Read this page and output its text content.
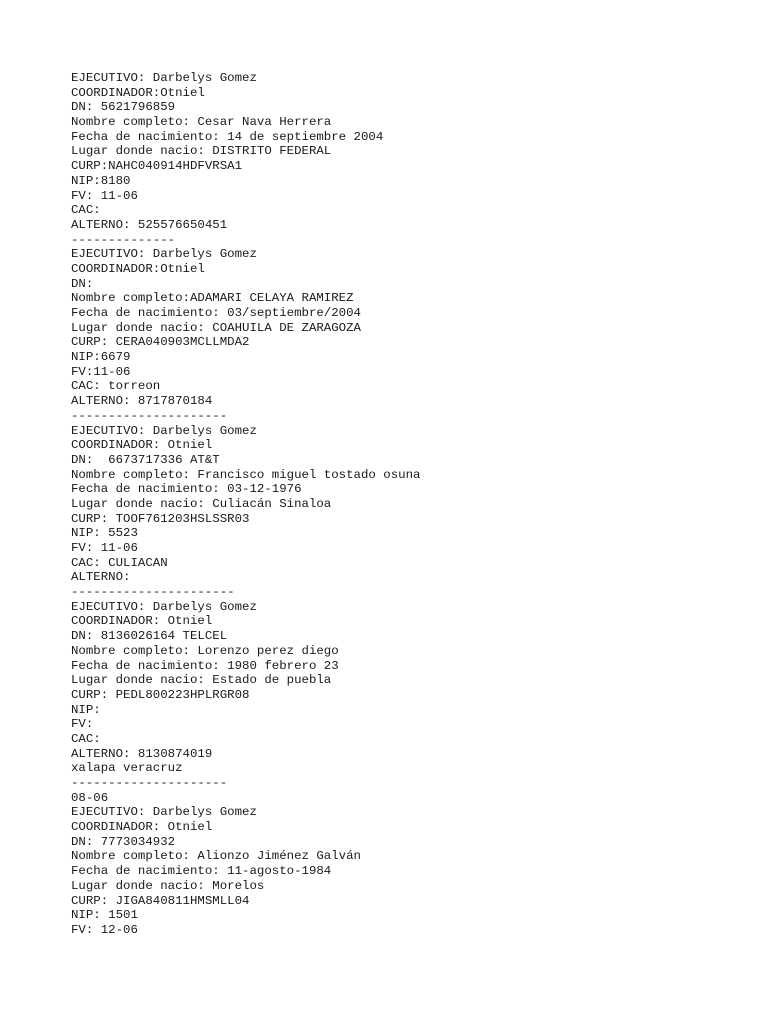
EJECUTIVO: Darbelys Gomez
COORDINADOR:Otniel
DN: 5621796859
Nombre completo: Cesar Nava Herrera
Fecha de nacimiento: 14 de septiembre 2004
Lugar donde nacio: DISTRITO FEDERAL
CURP:NAHC040914HDFVRSA1
NIP:8180
FV: 11-06
CAC:
ALTERNO: 525576650451
--------------
EJECUTIVO: Darbelys Gomez
COORDINADOR:Otniel
DN:
Nombre completo:ADAMARI CELAYA RAMIREZ
Fecha de nacimiento: 03/septiembre/2004
Lugar donde nacio: COAHUILA DE ZARAGOZA
CURP: CERA040903MCLLMDA2
NIP:6679
FV:11-06
CAC: torreon
ALTERNO: 8717870184
---------------------
EJECUTIVO: Darbelys Gomez
COORDINADOR: Otniel
DN:  6673717336 AT&T
Nombre completo: Francisco miguel tostado osuna
Fecha de nacimiento: 03-12-1976
Lugar donde nacio: Culiacán Sinaloa
CURP: TOOF761203HSLSSR03
NIP: 5523
FV: 11-06
CAC: CULIACAN
ALTERNO:
----------------------
EJECUTIVO: Darbelys Gomez
COORDINADOR: Otniel
DN: 8136026164 TELCEL
Nombre completo: Lorenzo perez diego
Fecha de nacimiento: 1980 febrero 23
Lugar donde nacio: Estado de puebla
CURP: PEDL800223HPLRGR08
NIP:
FV:
CAC:
ALTERNO: 8130874019
xalapa veracruz
---------------------
08-06
EJECUTIVO: Darbelys Gomez
COORDINADOR: Otniel
DN: 7773034932
Nombre completo: Alionzo Jiménez Galván
Fecha de nacimiento: 11-agosto-1984
Lugar donde nacio: Morelos
CURP: JIGA840811HMSMLL04
NIP: 1501
FV: 12-06
